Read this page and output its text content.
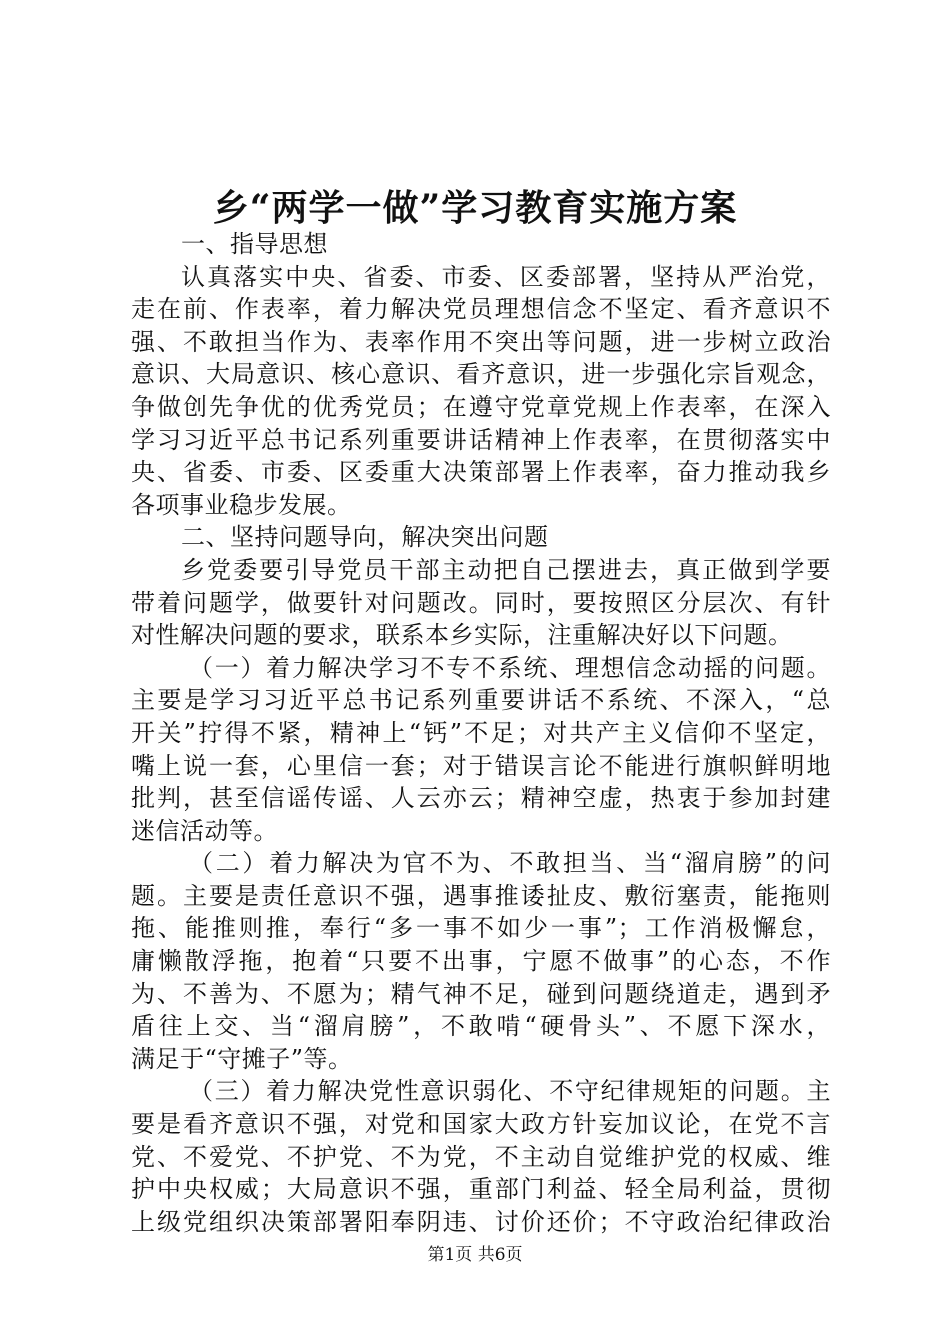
乡“两学一做”学习教育实施方案
一、指导思想
认真落实中央、省委、市委、区委部署，坚持从严治党，
走在前、作表率，着力解决党员理想信念不坚定、看齐意识不
强、不敢担当作为、表率作用不突出等问题，进一步树立政治
意识、大局意识、核心意识、看齐意识，进一步强化宗旨观念，
争做创先争优的优秀党员；在遵守党章党规上作表率，在深入
学习习近平总书记系列重要讲话精神上作表率，在贯彻落实中
央、省委、市委、区委重大决策部署上作表率，奋力推动我乡
各项事业稳步发展。
二、坚持问题导向，解决突出问题
乡党委要引导党员干部主动把自己摆进去，真正做到学要
带着问题学，做要针对问题改。同时，要按照区分层次、有针
对性解决问题的要求，联系本乡实际，注重解决好以下问题。
（一）着力解决学习不专不系统、理想信念动摇的问题。
主要是学习习近平总书记系列重要讲话不系统、不深入，“总
开关”拧得不紧，精神上“钙”不足；对共产主义信仰不坚定，
嘴上说一套，心里信一套；对于错误言论不能进行旗帜鲜明地
批判，甚至信谣传谣、人云亦云；精神空虚，热衷于参加封建
迷信活动等。
（二）着力解决为官不为、不敢担当、当“溜肩膀”的问
题。主要是责任意识不强，遇事推诿扯皮、敷衍塞责，能拖则
拖、能推则推，奉行“多一事不如少一事”；工作消极懈怠，
庸懒散浮拖，抱着“只要不出事，宁愿不做事”的心态，不作
为、不善为、不愿为；精气神不足，碰到问题绕道走，遇到矛
盾往上交、当“溜肩膀”，不敢啃“硬骨头”、不愿下深水，
满足于“守摊子”等。
（三）着力解决党性意识弱化、不守纪律规矩的问题。主
要是看齐意识不强，对党和国家大政方针妄加议论，在党不言
党、不爱党、不护党、不为党，不主动自觉维护党的权威、维
护中央权威；大局意识不强，重部门利益、轻全局利益，贯彻
上级党组织决策部署阳奉阴违、讨价还价；不守政治纪律政治
第1页 共6页
